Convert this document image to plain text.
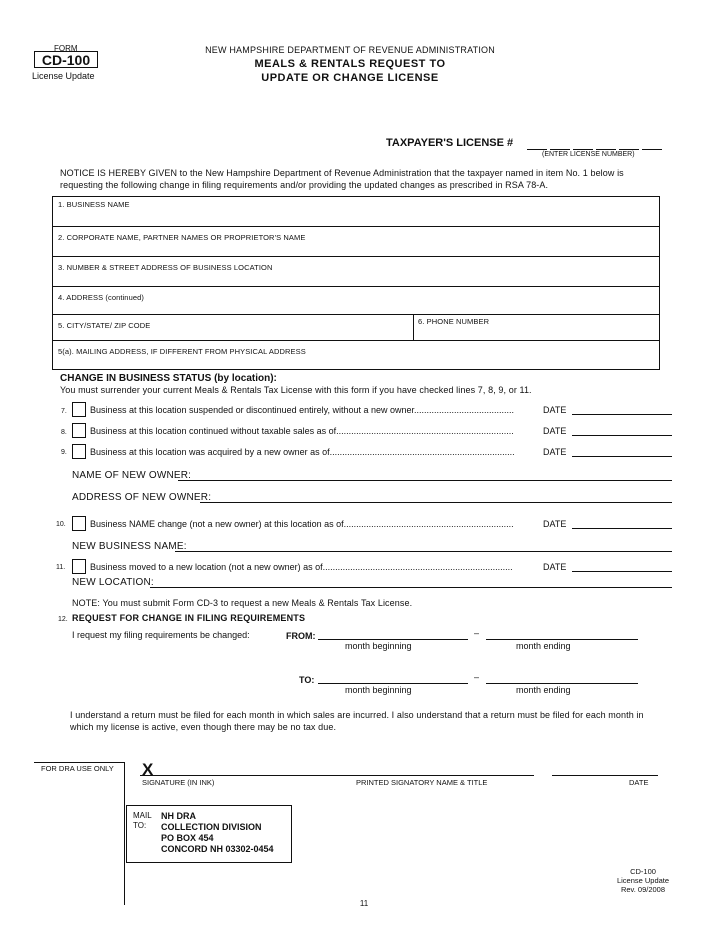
FORM
CD-100
License Update
NEW HAMPSHIRE DEPARTMENT OF REVENUE ADMINISTRATION
MEALS & RENTALS REQUEST TO
UPDATE OR CHANGE LICENSE
TAXPAYER'S LICENSE #
(ENTER LICENSE NUMBER)
NOTICE IS HEREBY GIVEN to the New Hampshire Department of Revenue Administration that the taxpayer named in item No. 1 below is
requesting the following change in filing requirements and/or providing the updated changes as prescribed in RSA 78-A.
1. BUSINESS NAME
2. CORPORATE NAME, PARTNER NAMES OR PROPRIETOR'S NAME
3. NUMBER & STREET ADDRESS OF BUSINESS LOCATION
4. ADDRESS (continued)
5. CITY/STATE/ ZIP CODE	6. PHONE NUMBER
5(a). MAILING ADDRESS, IF DIFFERENT FROM PHYSICAL ADDRESS
CHANGE IN BUSINESS STATUS (by location):
You must surrender your current Meals & Rentals Tax License with this form if you have checked lines 7, 8, 9, or 11.
7.	Business at this location suspended or discontinued entirely, without a new owner........................................	DATE
8.	Business at this location continued without taxable sales as of.......................................................................	DATE
9.	Business at this location was acquired by a new owner as of..........................................................................	DATE
NAME OF NEW OWNER:
ADDRESS OF NEW OWNER:
10.	Business NAME change (not a new owner) at this location as of....................................................................	DATE
NEW BUSINESS NAME:
11.	Business moved to a new location (not a new owner) as of............................................................................	DATE
NEW LOCATION:
NOTE: You must submit Form CD-3 to request a new Meals & Rentals Tax License.
12. REQUEST FOR CHANGE IN FILING REQUIREMENTS
I request my filing requirements be changed:	FROM:	–
month beginning	month ending
TO:	–
month beginning	month ending
I understand a return must be filed for each month in which sales are incurred. I also understand that a return must be filed for each month in
which my license is active, even though there may be no tax due.
FOR DRA USE ONLY X
SIGNATURE (IN INK)	PRINTED SIGNATORY NAME & TITLE	DATE
MAIL
TO:
NH DRA
COLLECTION DIVISION
PO BOX 454
CONCORD NH 03302-0454
CD-100
License Update
Rev. 09/2008
11
